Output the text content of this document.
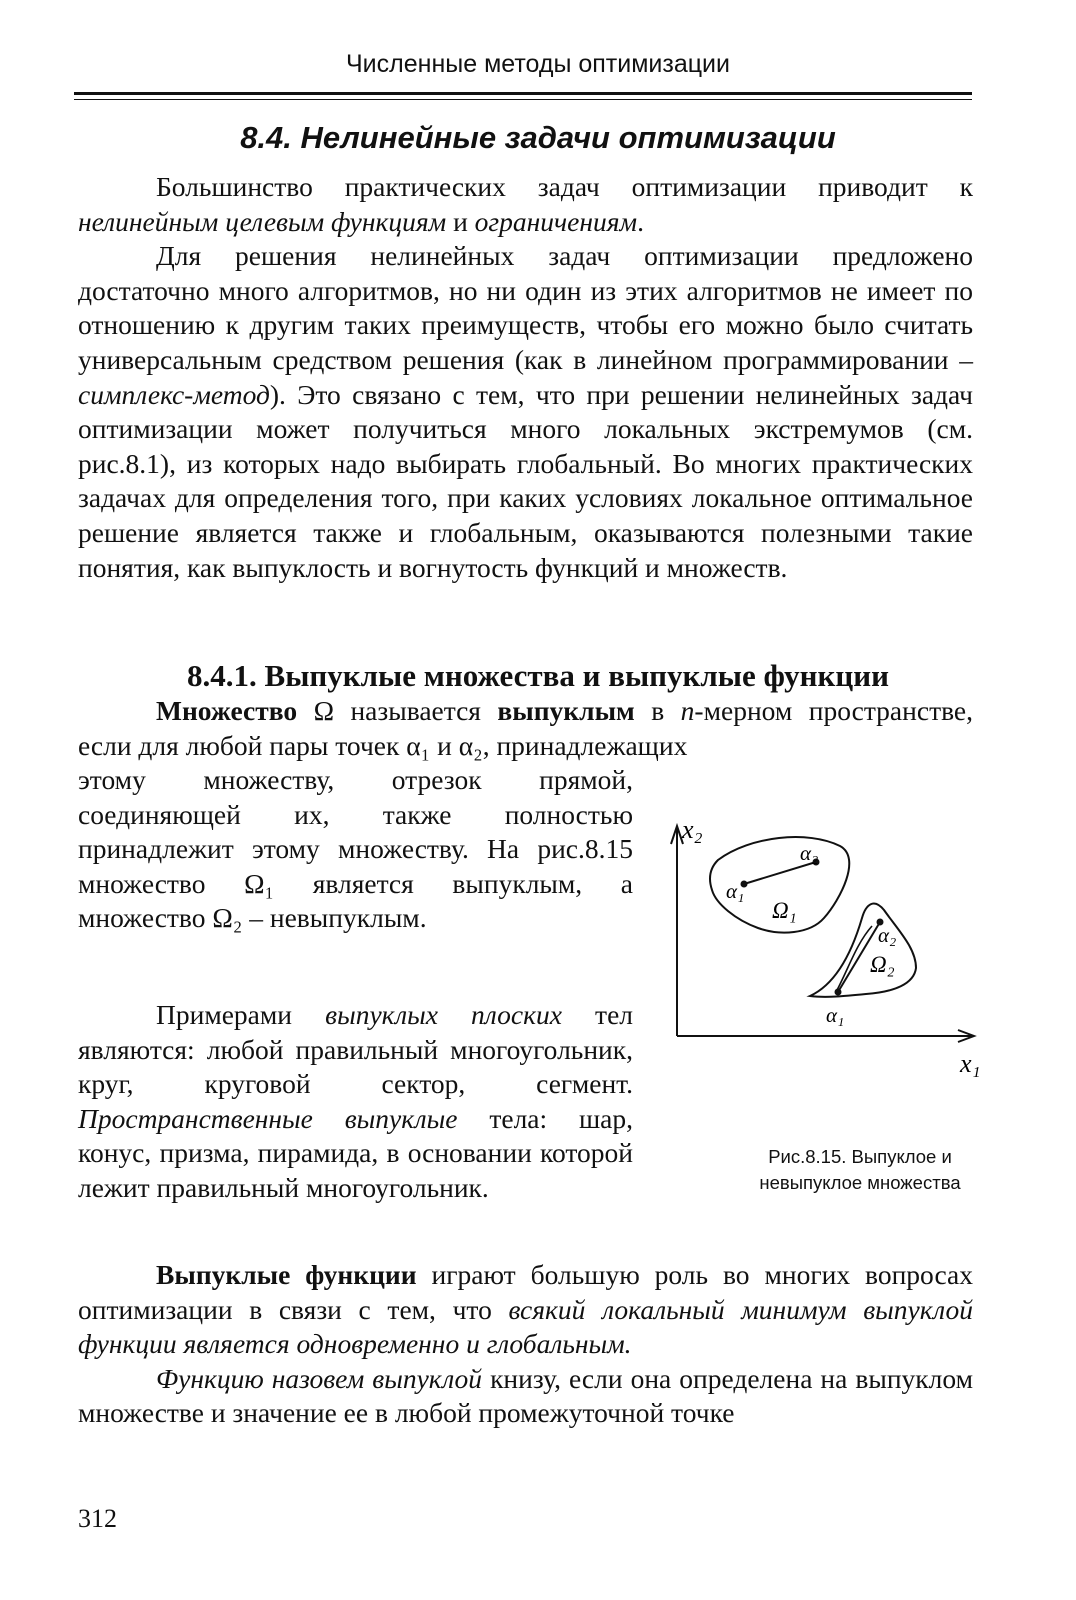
Численные методы оптимизации
8.4. Нелинейные задачи оптимизации

Большинство практических задач оптимизации приводит к нелинейным целевым функциям и ограничениям.

Для решения нелинейных задач оптимизации предложено достаточно много алгоритмов, но ни один из этих алгоритмов не имеет по отношению к другим таких преимуществ, чтобы его можно было считать универсальным средством решения (как в линейном программировании – симплекс-метод). Это связано с тем, что при решении нелинейных задач оптимизации может получиться много локальных экстремумов (см. рис.8.1), из которых надо выбирать глобальный. Во многих практических задачах для определения того, при каких условиях локальное оптимальное решение является также и глобальным, оказываются полезными такие понятия, как выпуклость и вогнутость функций и множеств.

8.4.1. Выпуклые множества и выпуклые функции

Множество Ω называется выпуклым в n-мерном пространстве, если для любой пары точек α₁ и α₂, принадлежащих

этому множеству, отрезок прямой, соединяющей их, также полностью принадлежит этому множеству. На рис.8.15 множество Ω₁ является выпуклым, а множество Ω₂ – невыпуклым.

Примерами выпуклых плоских тел являются: любой правильный многоугольник, круг, круговой сектор, сегмент. Пространственные выпуклые тела: шар, конус, призма, пирамида, в основании которой лежит правильный многоугольник.

x₂
x₁
α₁
α₂
Ω₁
α₂
Ω₂
α₁
Рис.8.15. Выпуклое и
невыпуклое множества

Выпуклые функции играют большую роль во многих вопросах оптимизации в связи с тем, что всякий локальный минимум выпуклой функции является одновременно и глобальным.

Функцию назовем выпуклой книзу, если она определена на выпуклом множестве и значение ее в любой промежуточной точке

312
